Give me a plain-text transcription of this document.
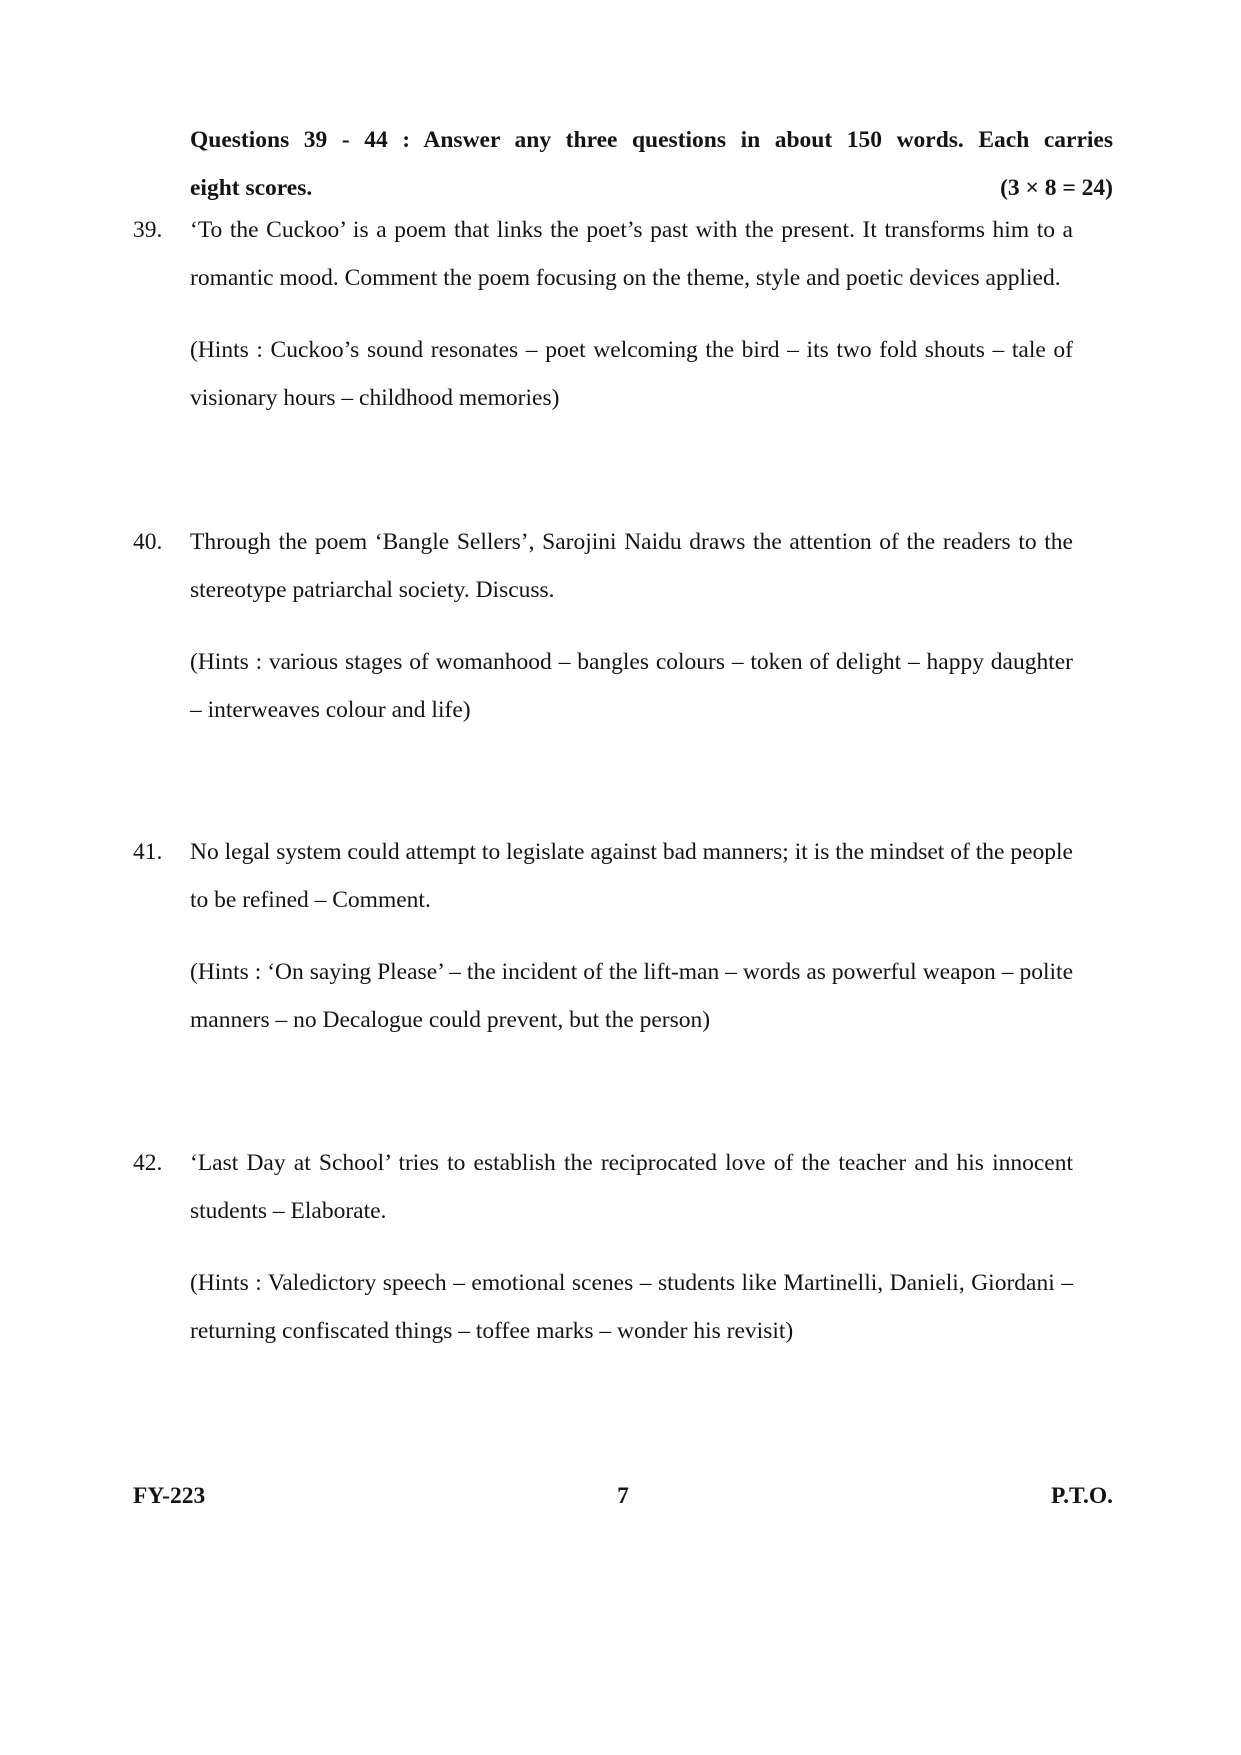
Questions 39 - 44 : Answer any three questions in about 150 words. Each carries
eight scores.	(3 × 8 = 24)
39. ‘To the Cuckoo’ is a poem that links the poet’s past with the present. It transforms him to a romantic mood. Comment the poem focusing on the theme, style and poetic devices applied.

(Hints : Cuckoo’s sound resonates – poet welcoming the bird – its two fold shouts – tale of visionary hours – childhood memories)

40. Through the poem ‘Bangle Sellers’, Sarojini Naidu draws the attention of the readers to the stereotype patriarchal society. Discuss.

(Hints : various stages of womanhood – bangles colours – token of delight – happy daughter – interweaves colour and life)

41. No legal system could attempt to legislate against bad manners; it is the mindset of the people to be refined – Comment.

(Hints : ‘On saying Please’ – the incident of the lift-man – words as powerful weapon – polite manners – no Decalogue could prevent, but the person)

42. ‘Last Day at School’ tries to establish the reciprocated love of the teacher and his innocent students – Elaborate.

(Hints : Valedictory speech – emotional scenes – students like Martinelli, Danieli, Giordani – returning confiscated things – toffee marks – wonder his revisit)

FY-223	7	P.T.O.
